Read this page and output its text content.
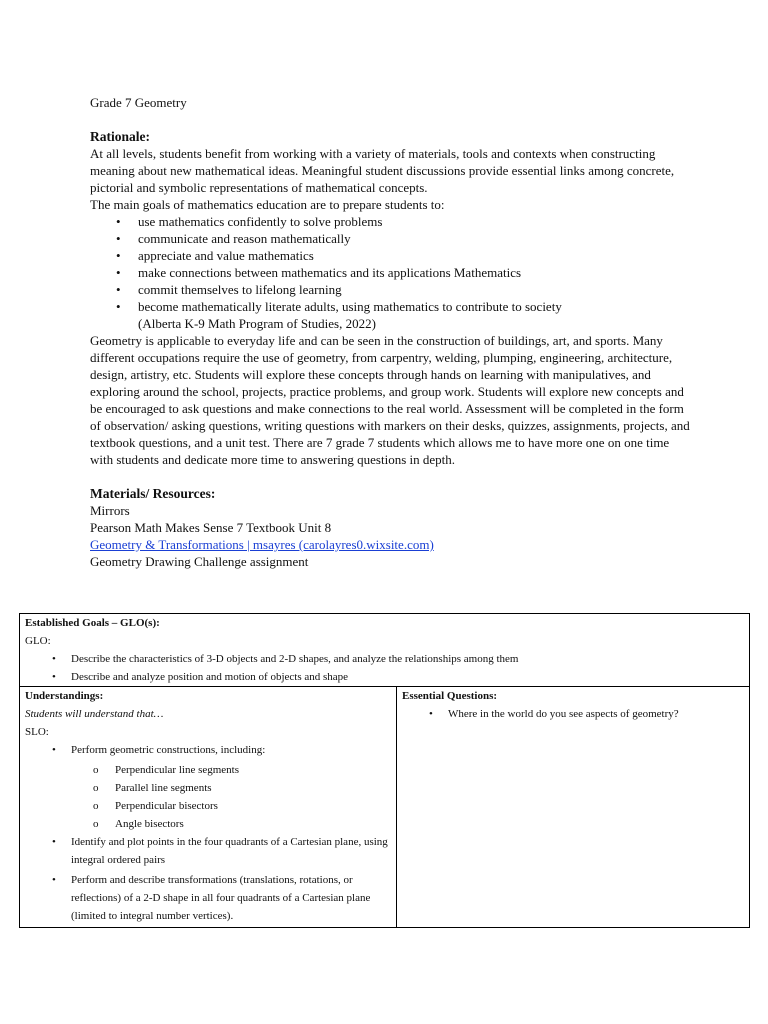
Grade 7 Geometry

Rationale:

At all levels, students benefit from working with a variety of materials, tools and contexts when constructing meaning about new mathematical ideas. Meaningful student discussions provide essential links among concrete, pictorial and symbolic representations of mathematical concepts.

The main goals of mathematics education are to prepare students to:

• use mathematics confidently to solve problems
• communicate and reason mathematically
• appreciate and value mathematics
• make connections between mathematics and its applications Mathematics
• commit themselves to lifelong learning
• become mathematically literate adults, using mathematics to contribute to society

(Alberta K-9 Math Program of Studies, 2022)

Geometry is applicable to everyday life and can be seen in the construction of buildings, art, and sports. Many different occupations require the use of geometry, from carpentry, welding, plumping, engineering, architecture, design, artistry, etc. Students will explore these concepts through hands on learning with manipulatives, and exploring around the school, projects, practice problems, and group work. Students will explore new concepts and be encouraged to ask questions and make connections to the real world. Assessment will be completed in the form of observation/ asking questions, writing questions with markers on their desks, quizzes, assignments, projects, and textbook questions, and a unit test. There are 7 grade 7 students which allows me to have more one on one time with students and dedicate more time to answering questions in depth.

Materials/ Resources:

Mirrors

Pearson Math Makes Sense 7 Textbook Unit 8

Geometry & Transformations | msayres (carolayres0.wixsite.com)

Geometry Drawing Challenge assignment

Established Goals – GLO(s):
GLO:
• Describe the characteristics of 3-D objects and 2-D shapes, and analyze the relationships among them
• Describe and analyze position and motion of objects and shape

Understandings:
Students will understand that…
SLO:
• Perform geometric constructions, including:
o Perpendicular line segments
o Parallel line segments
o Perpendicular bisectors
o Angle bisectors
• Identify and plot points in the four quadrants of a Cartesian plane, using integral ordered pairs
• Perform and describe transformations (translations, rotations, or reflections) of a 2-D shape in all four quadrants of a Cartesian plane (limited to integral number vertices).

Essential Questions:
• Where in the world do you see aspects of geometry?
